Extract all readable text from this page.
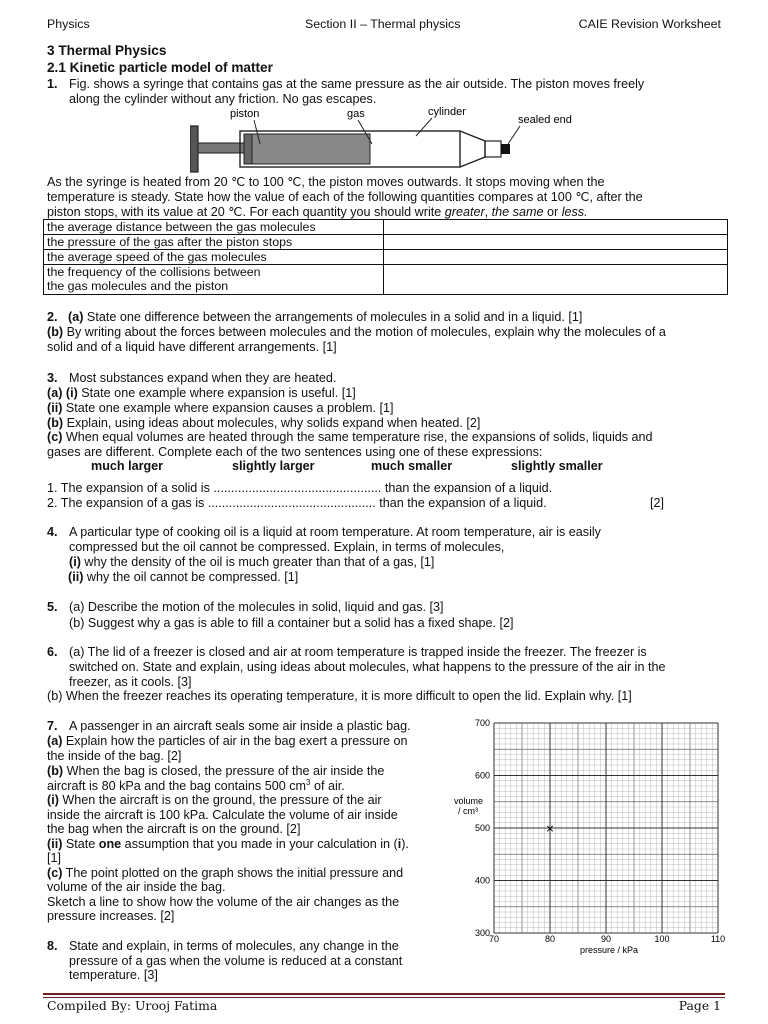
Physics	Section II – Thermal physics	CAIE Revision Worksheet
3 Thermal Physics
2.1 Kinetic particle model of matter
1. Fig. shows a syringe that contains gas at the same pressure as the air outside. The piston moves freely
along the cylinder without any friction. No gas escapes.
piston	gas	cylinder
sealed end
As the syringe is heated from 20 ℃ to 100 ℃, the piston moves outwards. It stops moving when the
temperature is steady. State how the value of each of the following quantities compares at 100 ℃, after the
piston stops, with its value at 20 ℃. For each quantity you should write greater, the same or less.
the average distance between the gas molecules	
the pressure of the gas after the piston stops	
the average speed of the gas molecules	
the frequency of the collisions between
the gas molecules and the piston	
2. (a) State one difference between the arrangements of molecules in a solid and in a liquid. [1]
(b) By writing about the forces between molecules and the motion of molecules, explain why the molecules of a
solid and of a liquid have different arrangements. [1]
3. Most substances expand when they are heated.
(a) (i) State one example where expansion is useful. [1]
(ii) State one example where expansion causes a problem. [1]
(b) Explain, using ideas about molecules, why solids expand when heated. [2]
(c) When equal volumes are heated through the same temperature rise, the expansions of solids, liquids and
gases are different. Complete each of the two sentences using one of these expressions:
much larger	slightly larger	much smaller	slightly smaller
1. The expansion of a solid is ................................................ than the expansion of a liquid.
2. The expansion of a gas is ................................................ than the expansion of a liquid.	[2]
4. A particular type of cooking oil is a liquid at room temperature. At room temperature, air is easily
compressed but the oil cannot be compressed. Explain, in terms of molecules,
(i) why the density of the oil is much greater than that of a gas, [1]
(ii) why the oil cannot be compressed. [1]
5. (a) Describe the motion of the molecules in solid, liquid and gas. [3]
(b) Suggest why a gas is able to fill a container but a solid has a fixed shape. [2]
6. (a) The lid of a freezer is closed and air at room temperature is trapped inside the freezer. The freezer is
switched on. State and explain, using ideas about molecules, what happens to the pressure of the air in the
freezer, as it cools. [3]
(b) When the freezer reaches its operating temperature, it is more difficult to open the lid. Explain why. [1]
7. A passenger in an aircraft seals some air inside a plastic bag.
(a) Explain how the particles of air in the bag exert a pressure on
the inside of the bag. [2]
(b) When the bag is closed, the pressure of the air inside the
aircraft is 80 kPa and the bag contains 500 $cm^3$ of air.
(i) When the aircraft is on the ground, the pressure of the air
inside the aircraft is 100 kPa. Calculate the volume of air inside
the bag when the aircraft is on the ground. [2]
(ii) State one assumption that you made in your calculation in (i).
[1]
(c) The point plotted on the graph shows the initial pressure and
volume of the air inside the bag.
Sketch a line to show how the volume of the air changes as the
pressure increases. [2]
8. State and explain, in terms of molecules, any change in the
pressure of a gas when the volume is reduced at a constant
temperature. [3]
70	80	90	100	110
300
400
500
600
700
×
volume
/ cm³
pressure / kPa
Compiled By: Urooj Fatima	Page 1
